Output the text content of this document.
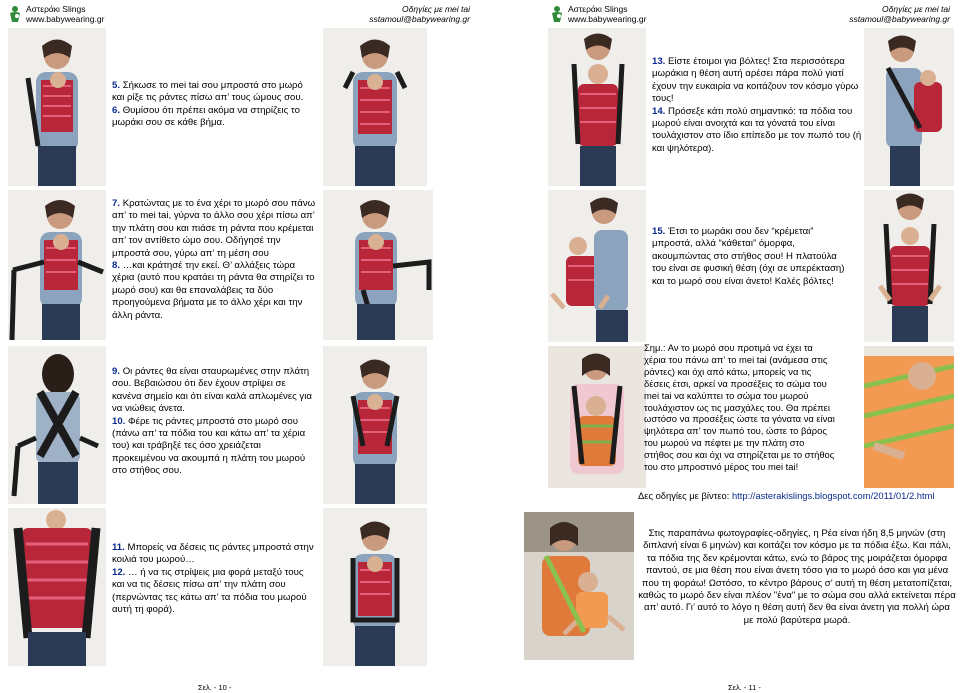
Αστεράκι Slings
www.babywearing.gr
Οδηγίες με mei tai
sstamoul@babywearing.gr

5. Σήκωσε το mei tai σου μπροστά στο μωρό και ρίξε τις ράντες πίσω απ’ τους ώμους σου.

6. Θυμίσου ότι πρέπει ακόμα να στηρίζεις το μωράκι σου σε κάθε βήμα.

7. Κρατώντας με το ένα χέρι το μωρό σου πάνω απ’ το mei tai, γύρνα το άλλο σου χέρι πίσω απ’ την πλάτη σου και πιάσε τη ράντα που κρέμεται απ’ τον αντίθετο ώμο σου. Οδήγησέ την μπροστά σου, γύρω απ’ τη μέση σου

8. …και κράτησέ την εκεί. Θ’ αλλάξεις τώρα χέρια (αυτό που κρατάει τη ράντα θα στηρίζει το μωρό σου) και θα επαναλάβεις τα δύο προηγούμενα βήματα με το άλλο χέρι και την άλλη ράντα.

9. Οι ράντες θα είναι σταυρωμένες στην πλάτη σου. Βεβαιώσου ότι δεν έχουν στρίψει σε κανένα σημείο και ότι είναι καλά απλωμένες για να νιώθεις άνετα.

10. Φέρε τις ράντες μπροστά στο μωρό σου (πάνω απ’ τα πόδια του και κάτω απ’ τα χέρια του) και τράβηξέ τες όσο χρειάζεται προκειμένου να ακουμπά η πλάτη του μωρού στο στήθος σου.

11. Μπορείς να δέσεις τις ράντες μπροστά στην κοιλιά του μωρού…

12. … ή να τις στρίψεις μια φορά μεταξύ τους και να τις δέσεις πίσω απ’ την πλάτη σου (περνώντας τες κάτω απ’ τα πόδια του μωρού αυτή τη φορά).

Σελ. - 10 -
Αστεράκι Slings
www.babywearing.gr
Οδηγίες με mei tai
sstamoul@babywearing.gr

13. Είστε έτοιμοι για βόλτες! Στα περισσότερα μωράκια η θέση αυτή αρέσει πάρα πολύ γιατί έχουν την ευκαιρία να κοιτάζουν τον κόσμο γύρω τους!

14. Πρόσεξε κάτι πολύ σημαντικό: τα πόδια του μωρού είναι ανοιχτά και τα γόνατά του είναι τουλάχιστον στο ίδιο επίπεδο με τον πωπό του (ή και ψηλότερα).

15. Έτσι το μωράκι σου δεν “κρέμεται” μπροστά, αλλά “κάθεται” όμορφα, ακουμπώντας στο στήθος σου! Η πλατούλα του είναι σε φυσική θέση (όχι σε υπερέκταση) και το μωρό σου είναι άνετο! Καλές βόλτες!

Σημ.: Αν το μωρό σου προτιμά να έχει τα χέρια του πάνω απ’ το mei tai (ανάμεσα στις ράντες) και όχι από κάτω, μπορείς να τις δέσεις έτσι, αρκεί να προσέξεις το σώμα του mei tai να καλύπτει το σώμα του μωρού τουλάχιστον ως τις μασχάλες του. Θα πρέπει ωστόσο να προσέξεις ώστε τα γόνατα να είναι ψηλότερα απ’ τον πωπό του, ώστε το βάρος του μωρού να πέφτει με την πλάτη στο στήθος σου και όχι να στηρίζεται με το στήθος του στο μπροστινό μέρος του mei tai!
Δες οδηγίες με βίντεο: http://asterakislings.blogspot.com/2011/01/2.html
Στις παραπάνω φωτογραφίες-οδηγίες, η Ρέα είναι ήδη 8,5 μηνών (στη διπλανή είναι 6 μηνών) και κοιτάζει τον κόσμο με τα πόδια έξω. Και πάλι, τα πόδια της δεν κρέμονται κάτω, ενώ το βάρος της μοιράζεται όμορφα παντού, σε μια θέση που είναι άνετη τόσο για το μωρό όσο και για μένα που τη φοράω! Ωστόσο, το κέντρο βάρους σ’ αυτή τη θέση μετατοπίζεται, καθώς το μωρό δεν είναι πλέον "ένα" με το σώμα σου αλλά εκτείνεται πέρα απ’ αυτό. Γι’ αυτό το λόγο η θέση αυτή δεν θα είναι άνετη για πολλή ώρα με πολύ βαρύτερα μωρά.
Σελ. - 11 -
